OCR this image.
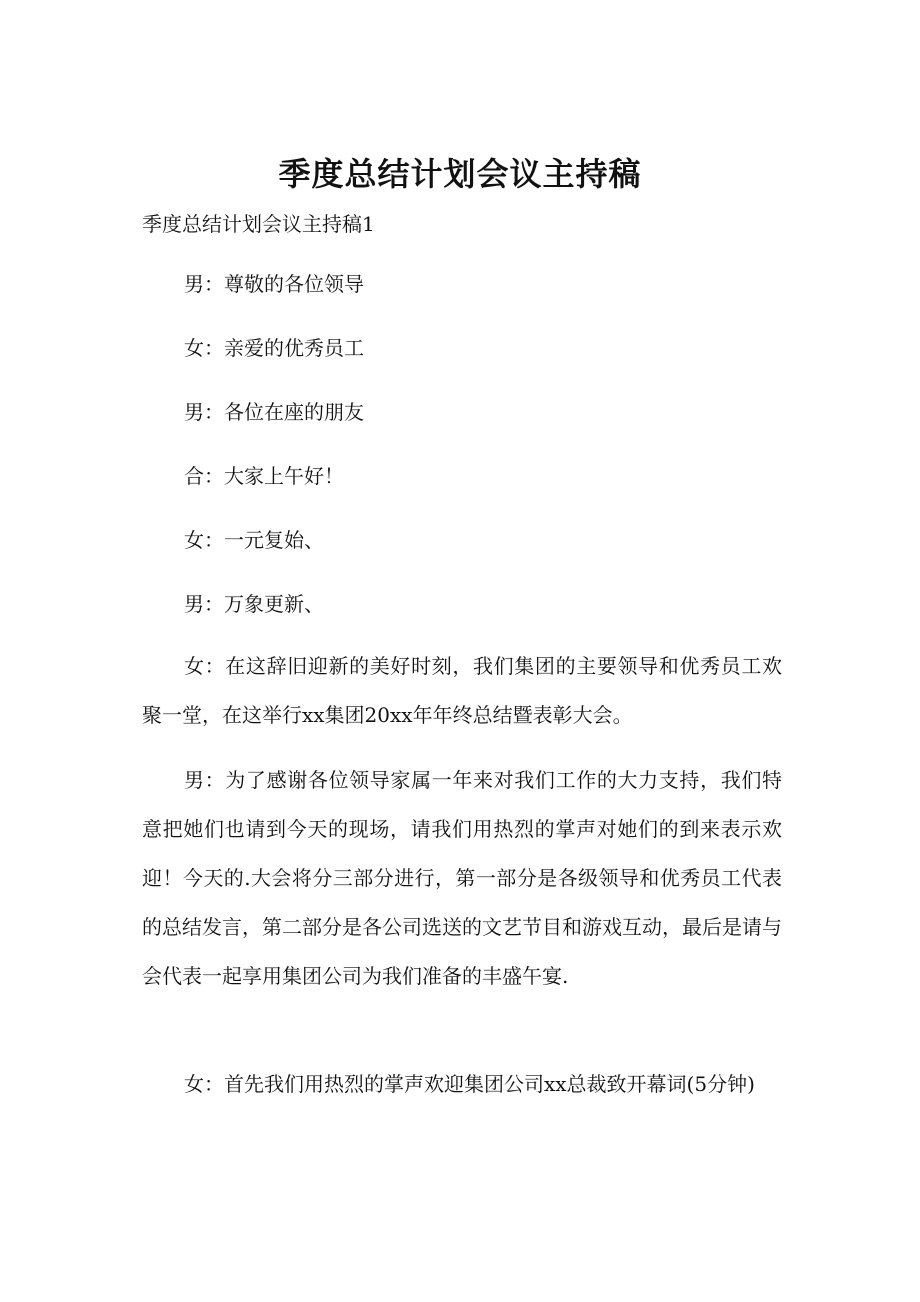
季度总结计划会议主持稿

季度总结计划会议主持稿1

男：尊敬的各位领导

女：亲爱的优秀员工

男：各位在座的朋友

合：大家上午好！

女：一元复始、

男：万象更新、

女：在这辞旧迎新的美好时刻，我们集团的主要领导和优秀员工欢聚一堂，在这举行xx集团20xx年年终总结暨表彰大会。

男：为了感谢各位领导家属一年来对我们工作的大力支持，我们特意把她们也请到今天的现场，请我们用热烈的掌声对她们的到来表示欢迎！今天的.大会将分三部分进行，第一部分是各级领导和优秀员工代表的总结发言，第二部分是各公司选送的文艺节目和游戏互动，最后是请与会代表一起享用集团公司为我们准备的丰盛午宴.

女：首先我们用热烈的掌声欢迎集团公司xx总裁致开幕词(5分钟)
